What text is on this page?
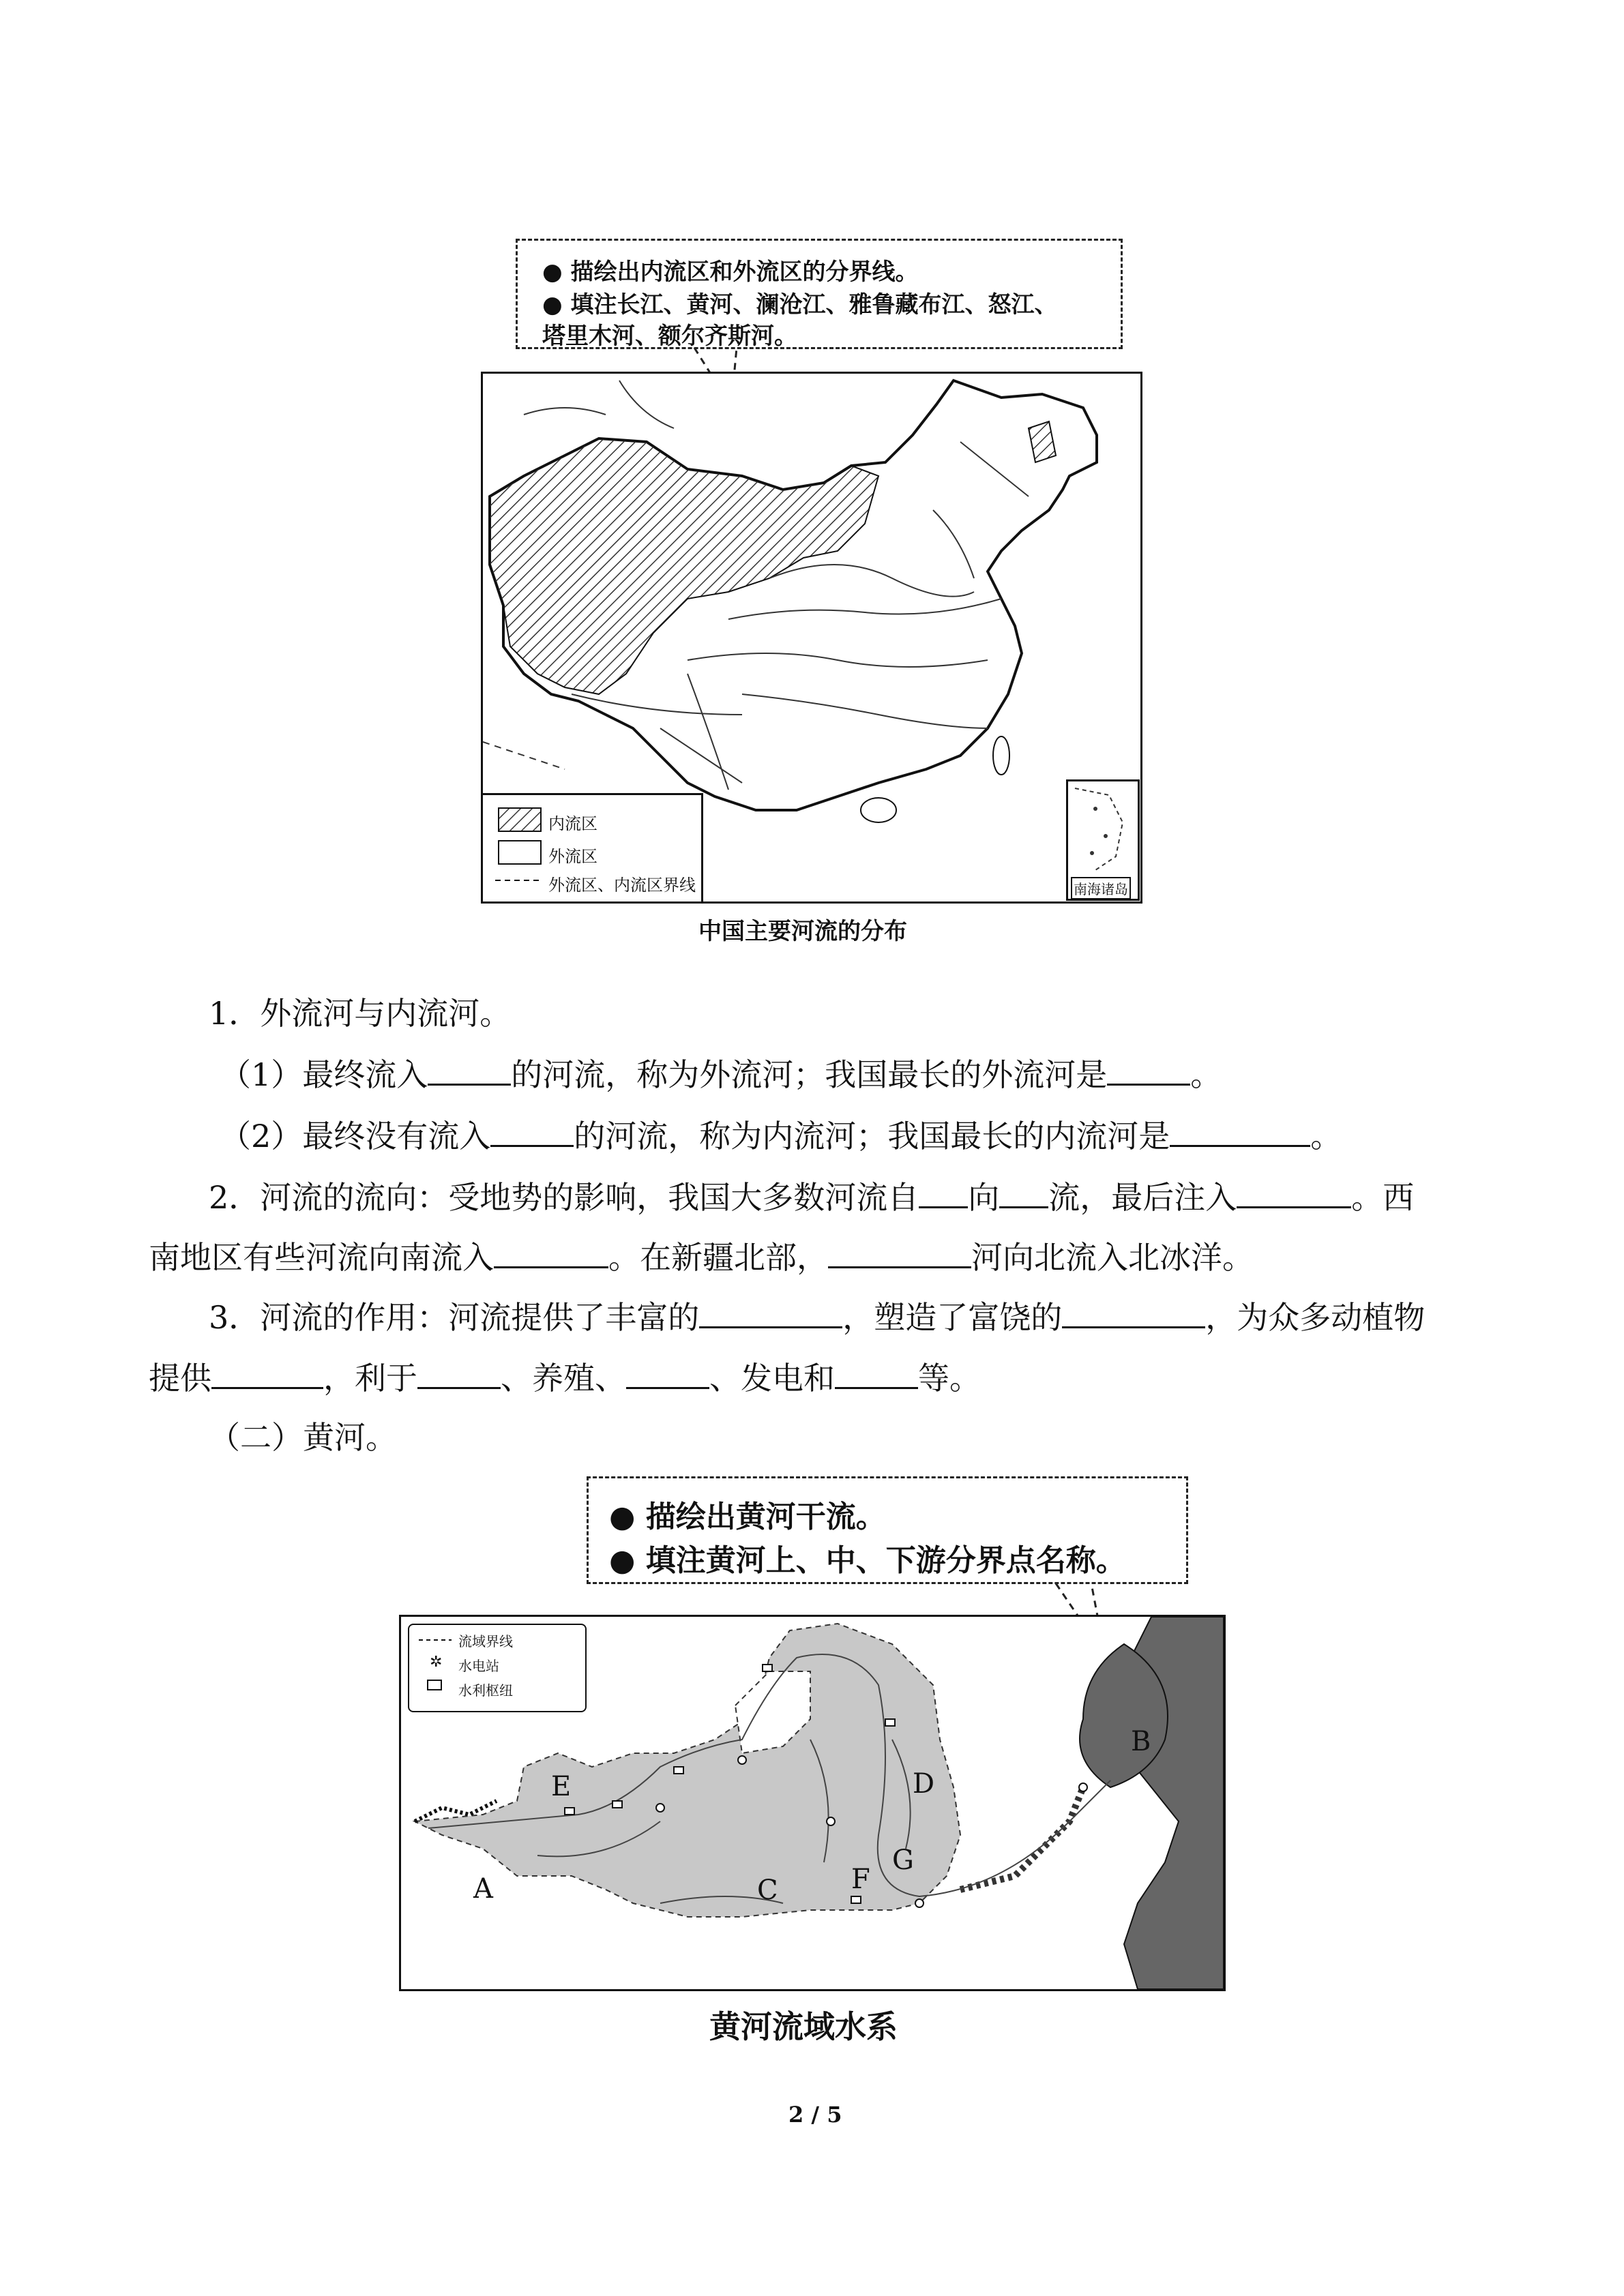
● 描绘出内流区和外流区的分界线。
● 填注长江、黄河、澜沧江、雅鲁藏布江、怒江、
塔里木河、额尔齐斯河。
内流区
外流区
外流区、内流区界线	南海诸岛
中国主要河流的分布
1．外流河与内流河。
（1）最终流入	的河流，称为外流河；我国最长的外流河是	。
（2）最终没有流入	的河流，称为内流河；我国最长的内流河是	。
2．河流的流向：受地势的影响，我国大多数河流自 向 流，最后注入	。西
南地区有些河流向南流入	。在新疆北部，	河向北流入北冰洋。
3．河流的作用：河流提供了丰富的	，塑造了富饶的	，为众多动植物
提供	，利于	、养殖、	、发电和	等。
（二）黄河。
● 描绘出黄河干流。
● 填注黄河上、中、下游分界点名称。
流域界线
✲ 水电站
水利枢纽
A
B
C
D
E
F
G
黄河流域水系
2 / 5
